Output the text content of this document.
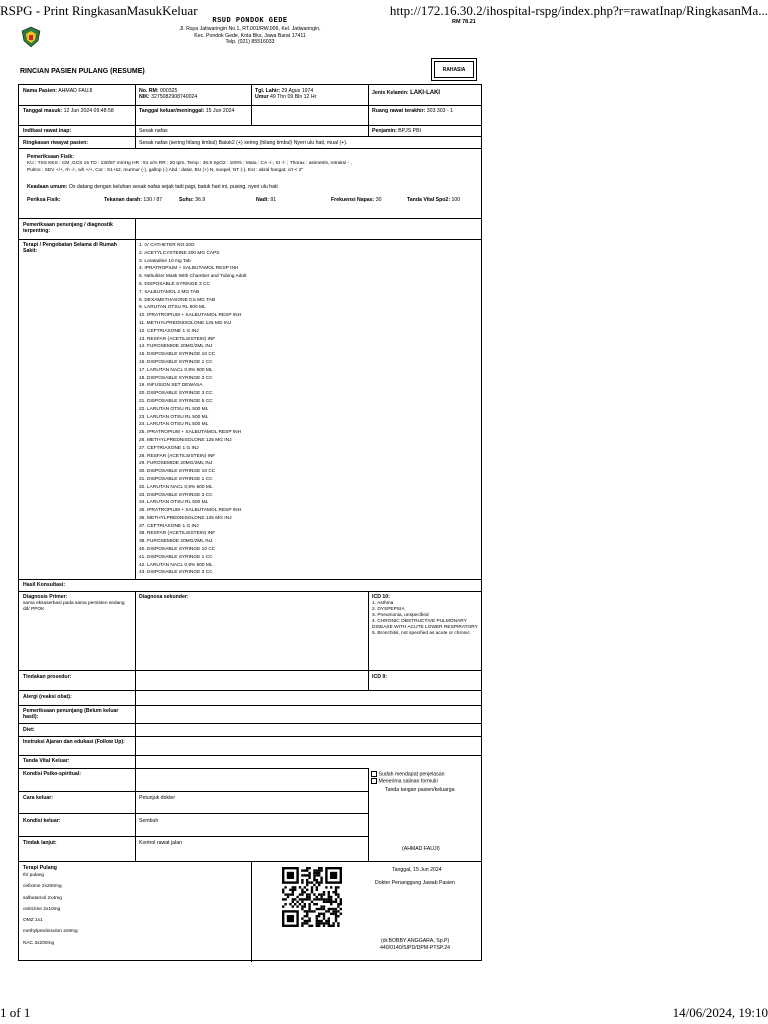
RSPG - Print RingkasanMasukKeluar	http://172.16.30.2/ihospital-rspg/index.php?r=rawatInap/RingkasanMa...
RSUD PONDOK GEDE
Jl. Raya Jatiwaringin No.1, RT.001/RW.009, Kel. Jatiwaringin,
Kec. Pondok Gede, Kota Bks, Jawa Barat 17411
Telp. (021) 85516033
RM 78.21
RINCIAN PASIEN PULANG (RESUME)	RAHASIA
Nama Pasien: AHMAD FAUJI	No. RM: 000325
NIK: 3275082908740024
Tgl. Lahir: 29 Agus 1974
Umur 49 Thn 09 Bln 12 Hr
Jenis Kelamin: LAKI-LAKI
Tanggal masuk: 12 Jun 2024 09:48:58	Tanggal keluar/meninggal: 15 Jun 2024	Ruang rawat terakhir: 303 303 - 1
Indikasi rawat inap:	Sesak nafas	Penjamin: BPJS PBI
Ringkasan riwayat pasien:	Sesak nafas (sering hilang timbul) Batuk2 (+) sering (hilang timbul) Nyeri ulu hati, mual (+).
Pemeriksaan Fisik:
KU : TSS KES : CM ,GCS 15 TD : 130/87 mmHg HR : 91 x/m RR : 20 tpm, Temp : 36.9 SpO2 : 100% ; Mata : CA -/-, SI -/- ; Thorax : asimetris, retraksi - ,
Pulmo : SDV +/+, rh -/-, wh +/+, Cor : S1+s2, murmur (-), gallop (-) Abd : datar, BU (+) N, soepel, NT (-), Ext : akral hangat; crt < 2"
Keadaan umum: Os datang dengan keluhan sesak nafas sejak tadi pagi, batuk hari ini, pusing, nyeri ulu hati
Periksa Fisik:	Tekanan darah: 130 / 87	Suhu: 36.9	Nadi: 91	Frekuensi Napas: 30	Tanda Vital Spo2: 100
Pemeriksaan penunjang / diagnostik terpenting:
Terapi / Pengobatan Selama di Rumah Sakit:
1. IV CATHETER NO 20G
2. ACETYLCYSTEINE 200 MG CAPS
3. Loratadine 10 mg Tab
4. IPRATROPIUM + SALBUTAMOL RESP INH
5. Nebulizer Mask With Chamber and Tubing Adult
6. DISPOSABLE SYRINGE 3 CC
7. SALBUTAMOL 2 MG TAB
8. DEXAMETHASONE 0.5 MG TAB
9. LARUTAN OTSU RL 500 ML
10. IPRATROPIUM + SALBUTAMOL RESP INH
11. METHYLPREDNISOLONE 125 MG INJ
12. CEFTRIAXONE 1 G INJ
13. RESFAR (ACETILSISTEIN) INF
14. FUROSEMIDE 20MG/2ML INJ
15. DISPOSABLE SYRINGE 10 CC
16. DISPOSABLE SYRINGE 1 CC
17. LARUTAN NACL 0,9% 500 ML
18. DISPOSABLE SYRINGE 3 CC
19. INFUSION SET DEWASA
20. DISPOSABLE SYRINGE 3 CC
21. DISPOSABLE SYRINGE 5 CC
22. LARUTAN OTSU RL 500 ML
23. LARUTAN OTSU RL 500 ML
24. LARUTAN OTSU RL 500 ML
25. IPRATROPIUM + SALBUTAMOL RESP INH
26. METHYLPREDNISOLONE 125 MG INJ
27. CEFTRIAXONE 1 G INJ
28. RESFAR (ACETILSISTEIN) INF
29. FUROSEMIDE 20MG/2ML INJ
30. DISPOSABLE SYRINGE 10 CC
31. DISPOSABLE SYRINGE 1 CC
32. LARUTAN NACL 0,9% 500 ML
33. DISPOSABLE SYRINGE 3 CC
34. LARUTAN OTSU RL 500 ML
35. IPRATROPIUM + SALBUTAMOL RESP INH
36. METHYLPREDNISOLONE 125 MG INJ
37. CEFTRIAXONE 1 G INJ
38. RESFAR (ACETILSISTEIN) INF
39. FUROSEMIDE 20MG/2ML INJ
40. DISPOSABLE SYRINGE 10 CC
41. DISPOSABLE SYRINGE 1 CC
42. LARUTAN NACL 0,9% 500 ML
43. DISPOSABLE SYRINGE 3 CC
Hasil Konsultasi:
Diagnosis Primer:
sama eksaserbasi pada sama persisten sedang dd/ PPOK
Diagnosa sekunder:	ICD 10:
1. Asthma
2. DYSPEPSIA
3. Pneumonia, unspecified
4. CHRONIC OBSTRUCTIVE PULMONARY DISEASE WITH ACUTE LOWER RESPIRATORY
5. Bronchitis, not specified as acute or chronic
Tindakan prosedur:	ICD 9:
Alergi (reaksi obat):
Pemeriksaan penunjang (Belum keluar hasil):
Diet:
Instruksi Ajaran dan edukasi (Follow Up):
Tanda Vital Keluar:
Kondisi Psiko-spiritual:	Sudah mendapat penjelasan
Menerima salinan formulir
Tanda tangan pasien/keluarga
Cara keluar:	Petunjuk dokter
Kondisi keluar:	Sembuh
Tindak lanjut:	Kontrol rawat jalan
(AHMAD FAUJI)
Terapi Pulang
th/ pulang
cefixime 2x200mg
salbutamol 2x4mg
cetirizine 2x10mg
OMZ 1x1
methylprednisolon 2x8mg
NAC 3x200mg
Tanggal, 15 Jun 2024
Dokter Penanggung Jawab Pasien
(dr.BOBBY ANGGARA, Sp.P)
440/0140/SIPD/DPM-PTSP.24
1 of 1	14/06/2024, 19:10
